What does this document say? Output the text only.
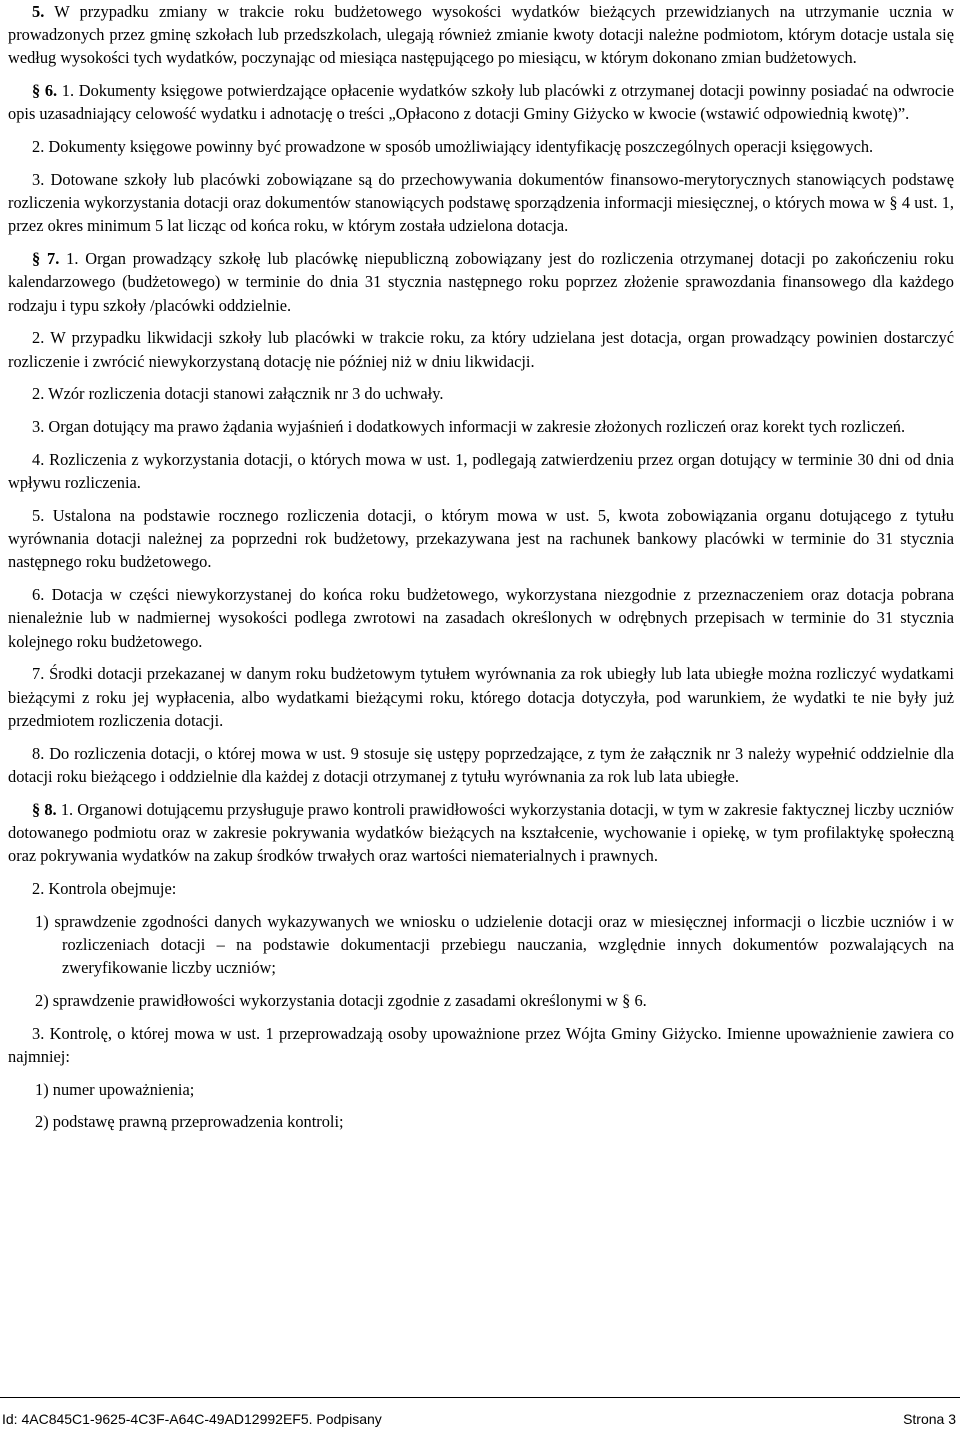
5. W przypadku zmiany w trakcie roku budżetowego wysokości wydatków bieżących przewidzianych na utrzymanie ucznia w prowadzonych przez gminę szkołach lub przedszkolach, ulegają również zmianie kwoty dotacji należne podmiotom, którym dotacje ustala się według wysokości tych wydatków, poczynając od miesiąca następującego po miesiącu, w którym dokonano zmian budżetowych.

§ 6. 1. Dokumenty księgowe potwierdzające opłacenie wydatków szkoły lub placówki z otrzymanej dotacji powinny posiadać na odwrocie opis uzasadniający celowość wydatku i adnotację o treści „Opłacono z dotacji Gminy Giżycko w kwocie (wstawić odpowiednią kwotę)”.

2. Dokumenty księgowe powinny być prowadzone w sposób umożliwiający identyfikację poszczególnych operacji księgowych.

3. Dotowane szkoły lub placówki zobowiązane są do przechowywania dokumentów finansowo-merytorycznych stanowiących podstawę rozliczenia wykorzystania dotacji oraz dokumentów stanowiących podstawę sporządzenia informacji miesięcznej, o których mowa w § 4 ust. 1, przez okres minimum 5 lat licząc od końca roku, w którym została udzielona dotacja.

§ 7. 1. Organ prowadzący szkołę lub placówkę niepubliczną zobowiązany jest do rozliczenia otrzymanej dotacji po zakończeniu roku kalendarzowego (budżetowego) w terminie do dnia 31 stycznia następnego roku poprzez złożenie sprawozdania finansowego dla każdego rodzaju i typu szkoły /placówki oddzielnie.

2. W przypadku likwidacji szkoły lub placówki w trakcie roku, za który udzielana jest dotacja, organ prowadzący powinien dostarczyć rozliczenie i zwrócić niewykorzystaną dotację nie później niż w dniu likwidacji.

2. Wzór rozliczenia dotacji stanowi załącznik nr 3 do uchwały.

3. Organ dotujący ma prawo żądania wyjaśnień i dodatkowych informacji w zakresie złożonych rozliczeń oraz korekt tych rozliczeń.

4. Rozliczenia z wykorzystania dotacji, o których mowa w ust. 1, podlegają zatwierdzeniu przez organ dotujący w terminie 30 dni od dnia wpływu rozliczenia.

5. Ustalona na podstawie rocznego rozliczenia dotacji, o którym mowa w ust. 5, kwota zobowiązania organu dotującego z tytułu wyrównania dotacji należnej za poprzedni rok budżetowy, przekazywana jest na rachunek bankowy placówki w terminie do 31 stycznia następnego roku budżetowego.

6. Dotacja w części niewykorzystanej do końca roku budżetowego, wykorzystana niezgodnie z przeznaczeniem oraz dotacja pobrana nienależnie lub w nadmiernej wysokości podlega zwrotowi na zasadach określonych w odrębnych przepisach w terminie do 31 stycznia kolejnego roku budżetowego.

7. Środki dotacji przekazanej w danym roku budżetowym tytułem wyrównania za rok ubiegły lub lata ubiegłe można rozliczyć wydatkami bieżącymi z roku jej wypłacenia, albo wydatkami bieżącymi roku, którego dotacja dotyczyła, pod warunkiem, że wydatki te nie były już przedmiotem rozliczenia dotacji.

8. Do rozliczenia dotacji, o której mowa w ust. 9 stosuje się ustępy poprzedzające, z tym że załącznik nr 3 należy wypełnić oddzielnie dla dotacji roku bieżącego i oddzielnie dla każdej z dotacji otrzymanej z tytułu wyrównania za rok lub lata ubiegłe.

§ 8. 1. Organowi dotującemu przysługuje prawo kontroli prawidłowości wykorzystania dotacji, w tym w zakresie faktycznej liczby uczniów dotowanego podmiotu oraz w zakresie pokrywania wydatków bieżących na kształcenie, wychowanie i opiekę, w tym profilaktykę społeczną oraz pokrywania wydatków na zakup środków trwałych oraz wartości niematerialnych i prawnych.

2. Kontrola obejmuje:

1) sprawdzenie zgodności danych wykazywanych we wniosku o udzielenie dotacji oraz w miesięcznej informacji o liczbie uczniów i w rozliczeniach dotacji – na podstawie dokumentacji przebiegu nauczania, względnie innych dokumentów pozwalających na zweryfikowanie liczby uczniów;

2) sprawdzenie prawidłowości wykorzystania dotacji zgodnie z zasadami określonymi w § 6.

3. Kontrolę, o której mowa w ust. 1 przeprowadzają osoby upoważnione przez Wójta Gminy Giżycko. Imienne upoważnienie zawiera co najmniej:

1) numer upoważnienia;

2) podstawę prawną przeprowadzenia kontroli;

Id: 4AC845C1-9625-4C3F-A64C-49AD12992EF5. Podpisany	Strona 3
